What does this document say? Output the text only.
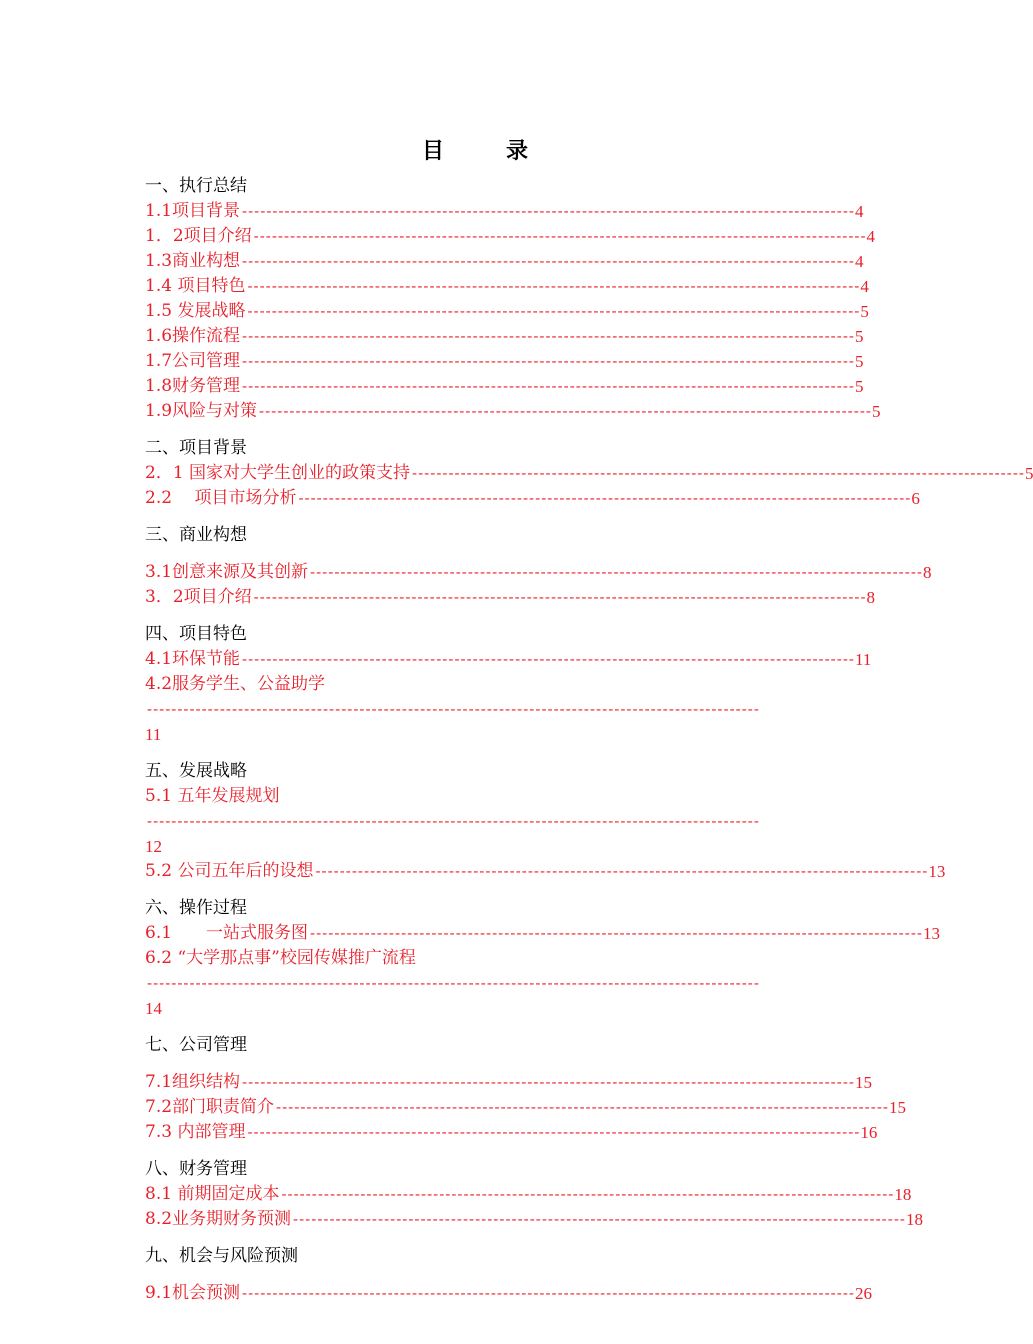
目　录
一、执行总结
1.1项目背景 ----------------------------------------------------------------------------------------------------- 4
1．2项目介绍 ----------------------------------------------------------------------------------------------------- 4
1.3商业构想 ----------------------------------------------------------------------------------------------------- 4
1.4 项目特色 ----------------------------------------------------------------------------------------------------- 4
1.5 发展战略 ----------------------------------------------------------------------------------------------------- 5
1.6操作流程 ----------------------------------------------------------------------------------------------------- 5
1.7公司管理 ----------------------------------------------------------------------------------------------------- 5
1.8财务管理 ----------------------------------------------------------------------------------------------------- 5
1.9风险与对策 ----------------------------------------------------------------------------------------------------- 5
二、项目背景
2．1 国家对大学生创业的政策支持 ----------------------------------------------------------------------------------------------------- 5
2.2　 项目市场分析 ----------------------------------------------------------------------------------------------------- 6
三、商业构想
3.1创意来源及其创新 ----------------------------------------------------------------------------------------------------- 8
3．2项目介绍 ----------------------------------------------------------------------------------------------------- 8
四、项目特色
4.1环保节能 ----------------------------------------------------------------------------------------------------- 11
4.2服务学生、公益助学
-----------------------------------------------------------------------------------------------------
11
五、发展战略
5.1 五年发展规划
-----------------------------------------------------------------------------------------------------
12
5.2 公司五年后的设想 ----------------------------------------------------------------------------------------------------- 13
六、操作过程
6.1　　一站式服务图 ----------------------------------------------------------------------------------------------------- 13
6.2 “大学那点事”校园传媒推广流程
-----------------------------------------------------------------------------------------------------
14
七、公司管理
7.1组织结构 ----------------------------------------------------------------------------------------------------- 15
7.2部门职责简介 ----------------------------------------------------------------------------------------------------- 15
7.3 内部管理 ----------------------------------------------------------------------------------------------------- 16
八、财务管理
8.1 前期固定成本 ----------------------------------------------------------------------------------------------------- 18
8.2业务期财务预测 ----------------------------------------------------------------------------------------------------- 18
九、机会与风险预测
9.1机会预测 ----------------------------------------------------------------------------------------------------- 26
